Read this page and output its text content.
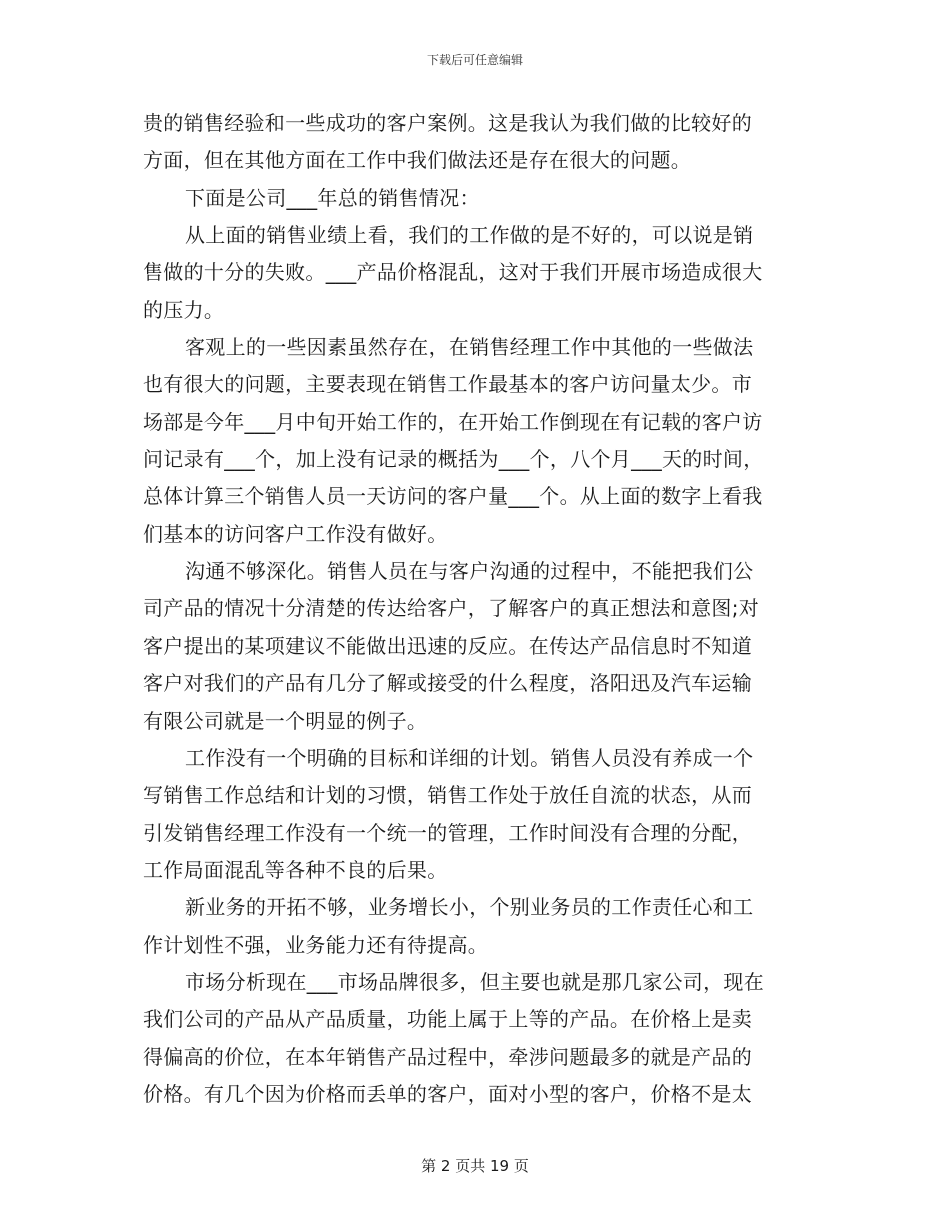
下载后可任意编辑
贵的销售经验和一些成功的客户案例。这是我认为我们做的比较好的
方面，但在其他方面在工作中我们做法还是存在很大的问题。
下面是公司___年总的销售情况：
从上面的销售业绩上看，我们的工作做的是不好的，可以说是销
售做的十分的失败。___产品价格混乱，这对于我们开展市场造成很大
的压力。
客观上的一些因素虽然存在，在销售经理工作中其他的一些做法
也有很大的问题，主要表现在销售工作最基本的客户访问量太少。市
场部是今年___月中旬开始工作的，在开始工作倒现在有记载的客户访
问记录有___个，加上没有记录的概括为___个，八个月___天的时间，
总体计算三个销售人员一天访问的客户量___个。从上面的数字上看我
们基本的访问客户工作没有做好。
沟通不够深化。销售人员在与客户沟通的过程中，不能把我们公
司产品的情况十分清楚的传达给客户，了解客户的真正想法和意图;对
客户提出的某项建议不能做出迅速的反应。在传达产品信息时不知道
客户对我们的产品有几分了解或接受的什么程度，洛阳迅及汽车运输
有限公司就是一个明显的例子。
工作没有一个明确的目标和详细的计划。销售人员没有养成一个
写销售工作总结和计划的习惯，销售工作处于放任自流的状态，从而
引发销售经理工作没有一个统一的管理，工作时间没有合理的分配，
工作局面混乱等各种不良的后果。
新业务的开拓不够，业务增长小，个别业务员的工作责任心和工
作计划性不强，业务能力还有待提高。
市场分析现在___市场品牌很多，但主要也就是那几家公司，现在
我们公司的产品从产品质量，功能上属于上等的产品。在价格上是卖
得偏高的价位，在本年销售产品过程中，牵涉问题最多的就是产品的
价格。有几个因为价格而丢单的客户，面对小型的客户，价格不是太
第 2 页共 19 页
